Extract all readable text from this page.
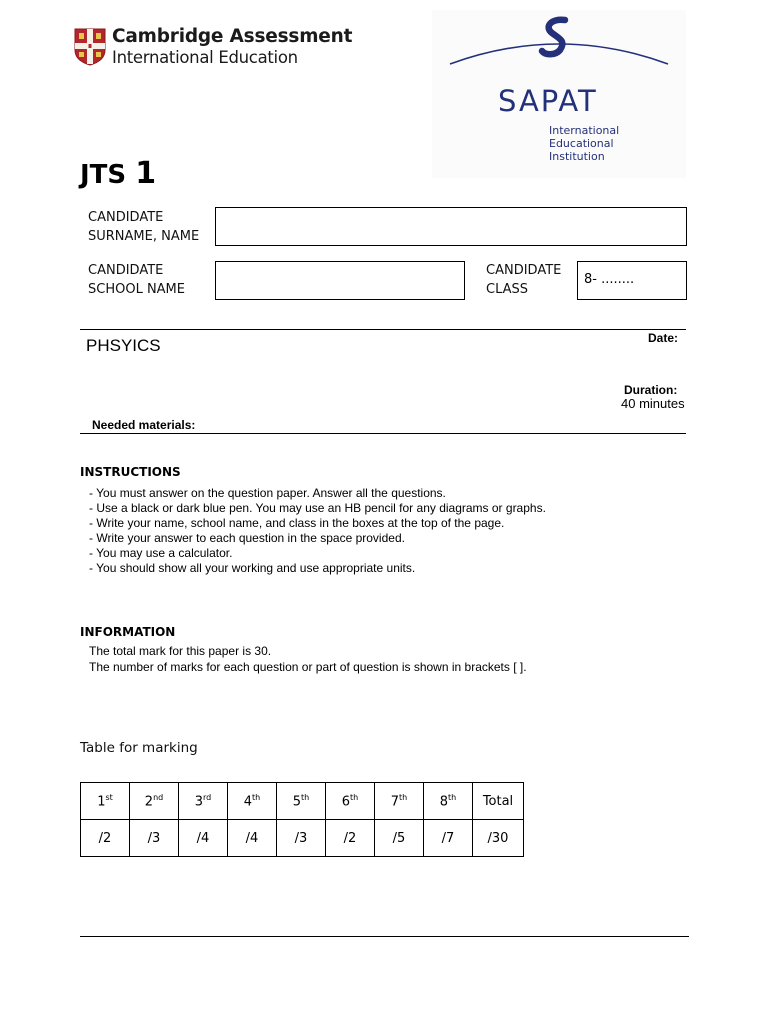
Cambridge Assessment
International Education
SAPAT
International
Educational
Institution
JTS 1
CANDIDATE
SURNAME, NAME
CANDIDATE
SCHOOL NAME
CANDIDATE
CLASS
8- ........
PHSYICS	Date:
Duration:
40 minutes
Needed materials:
INSTRUCTIONS
- You must answer on the question paper. Answer all the questions.
- Use a black or dark blue pen. You may use an HB pencil for any diagrams or graphs.
- Write your name, school name, and class in the boxes at the top of the page.
- Write your answer to each question in the space provided.
- You may use a calculator.
- You should show all your working and use appropriate units.
INFORMATION
The total mark for this paper is 30.
The number of marks for each question or part of question is shown in brackets [ ].
Table for marking
1st	2nd	3rd	4th	5th	6th	7th	8th	Total
/2	/3	/4	/4	/3	/2	/5	/7	/30
